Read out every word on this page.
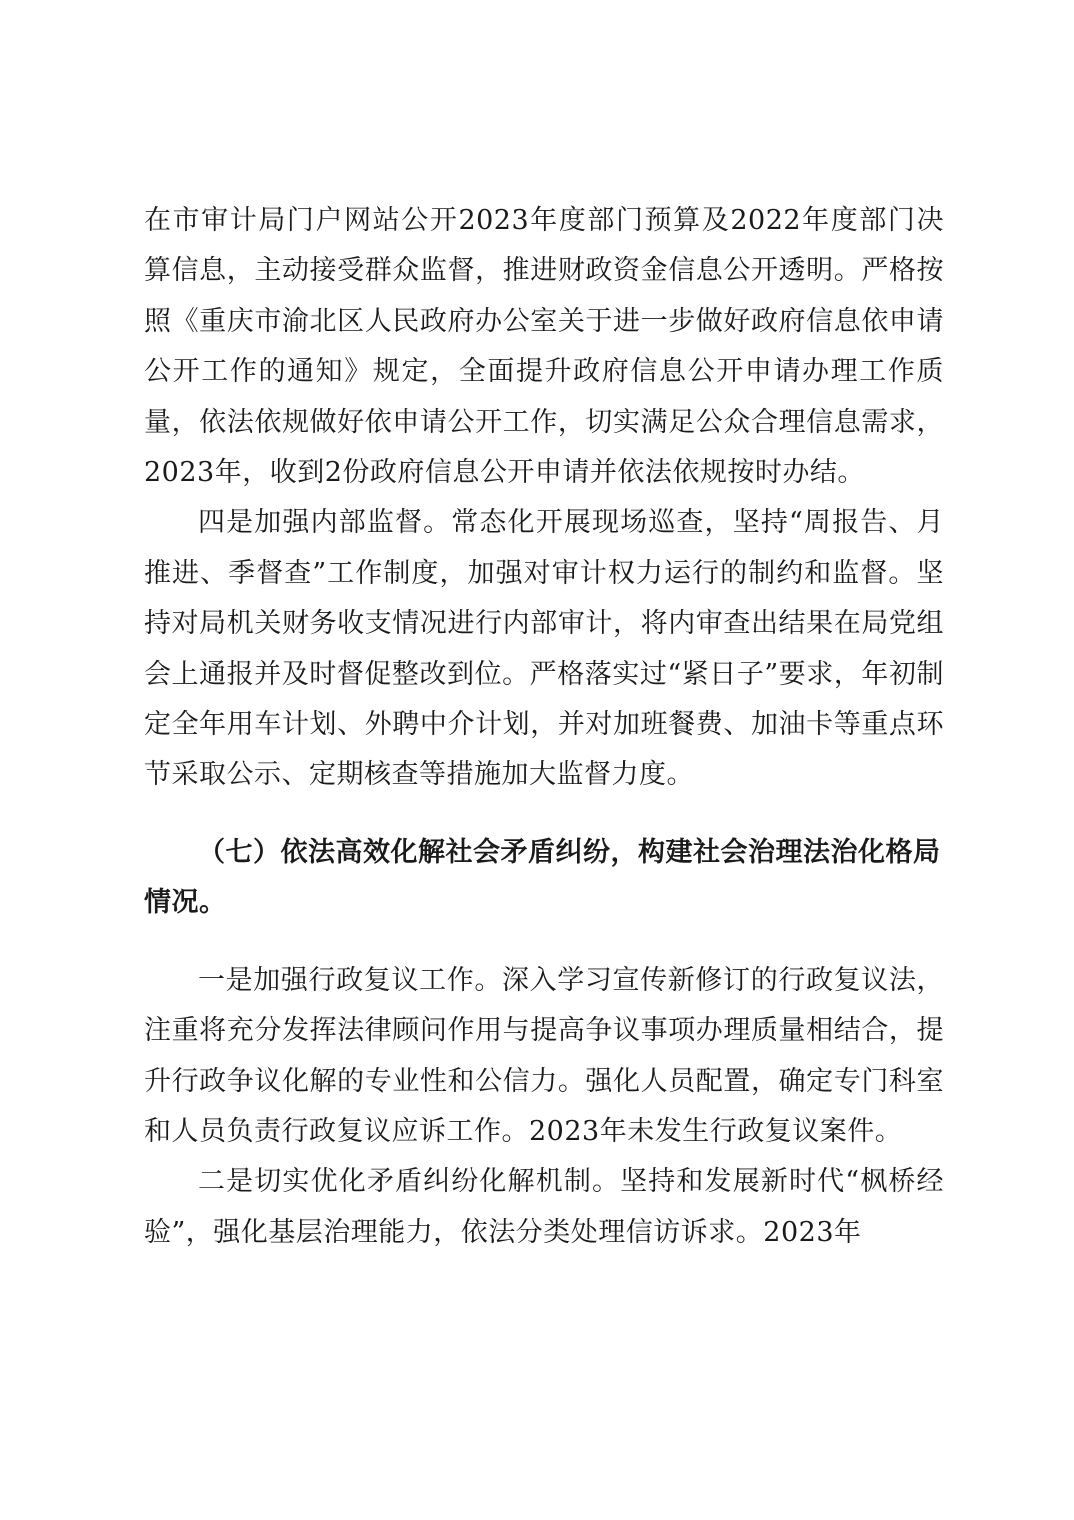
在市审计局门户网站公开2023年度部门预算及2022年度部门决算信息，主动接受群众监督，推进财政资金信息公开透明。严格按照《重庆市渝北区人民政府办公室关于进一步做好政府信息依申请公开工作的通知》规定，全面提升政府信息公开申请办理工作质量，依法依规做好依申请公开工作，切实满足公众合理信息需求，2023年，收到2份政府信息公开申请并依法依规按时办结。

四是加强内部监督。常态化开展现场巡查，坚持“周报告、月推进、季督查”工作制度，加强对审计权力运行的制约和监督。坚持对局机关财务收支情况进行内部审计，将内审查出结果在局党组会上通报并及时督促整改到位。严格落实过“紧日子”要求，年初制定全年用车计划、外聘中介计划，并对加班餐费、加油卡等重点环节采取公示、定期核查等措施加大监督力度。

（七）依法高效化解社会矛盾纠纷，构建社会治理法治化格局情况。

一是加强行政复议工作。深入学习宣传新修订的行政复议法，注重将充分发挥法律顾问作用与提高争议事项办理质量相结合，提升行政争议化解的专业性和公信力。强化人员配置，确定专门科室和人员负责行政复议应诉工作。2023年未发生行政复议案件。

二是切实优化矛盾纠纷化解机制。坚持和发展新时代“枫桥经验”，强化基层治理能力，依法分类处理信访诉求。2023年
